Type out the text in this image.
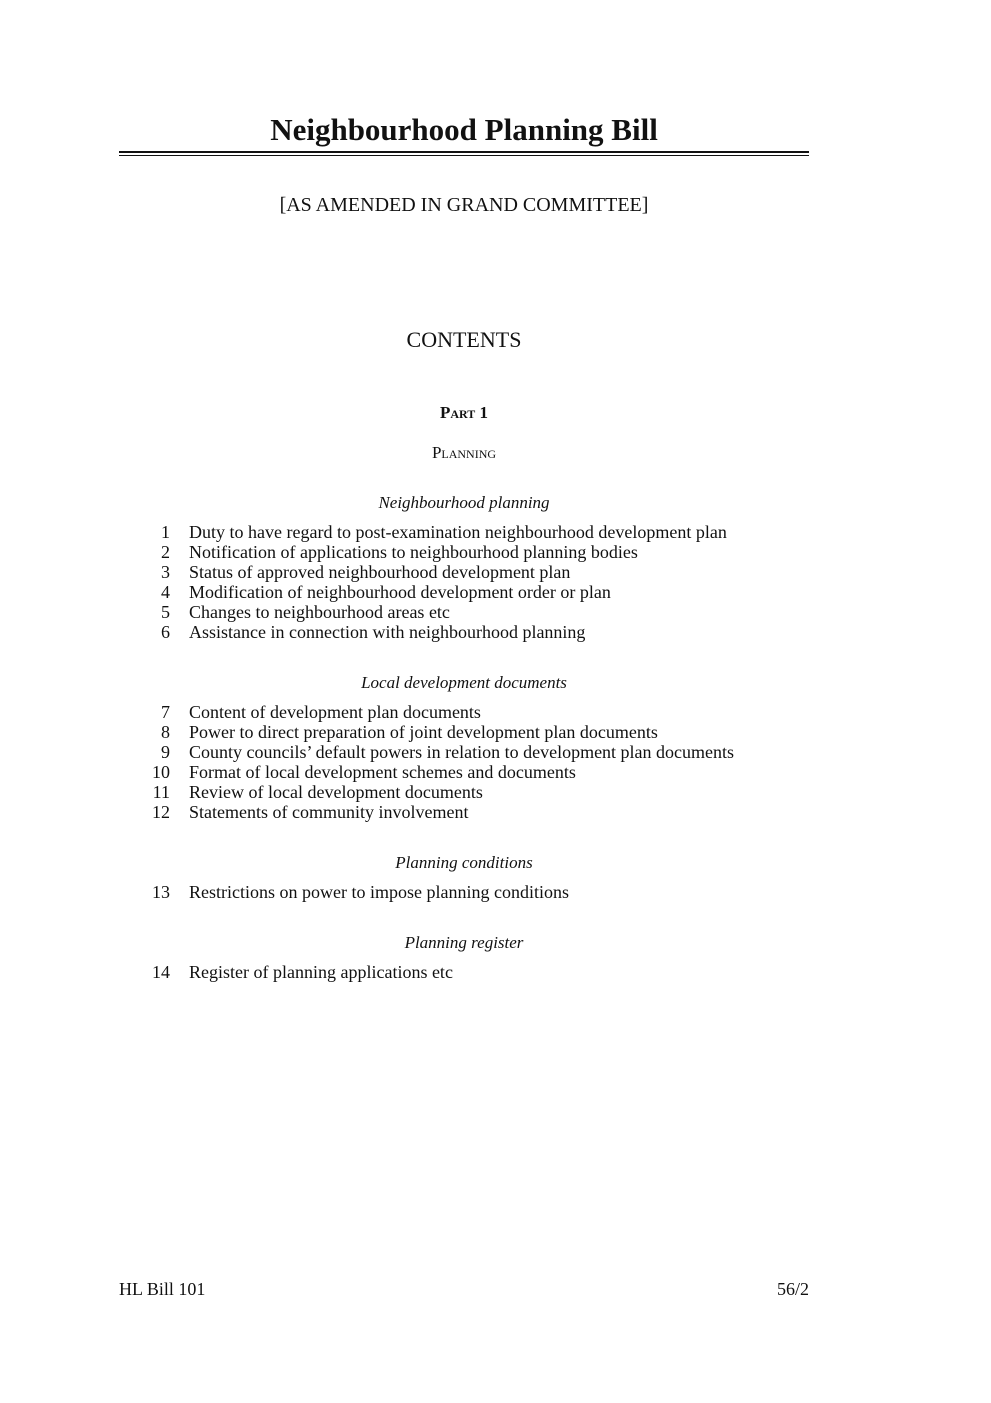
Neighbourhood Planning Bill
[AS AMENDED IN GRAND COMMITTEE]
CONTENTS
Part 1
Planning
Neighbourhood planning
1 Duty to have regard to post-examination neighbourhood development plan
2 Notification of applications to neighbourhood planning bodies
3 Status of approved neighbourhood development plan
4 Modification of neighbourhood development order or plan
5 Changes to neighbourhood areas etc
6 Assistance in connection with neighbourhood planning
Local development documents
7 Content of development plan documents
8 Power to direct preparation of joint development plan documents
9 County councils’ default powers in relation to development plan documents
10 Format of local development schemes and documents
11 Review of local development documents
12 Statements of community involvement
Planning conditions
13 Restrictions on power to impose planning conditions
Planning register
14 Register of planning applications etc
HL Bill 101	56/2
